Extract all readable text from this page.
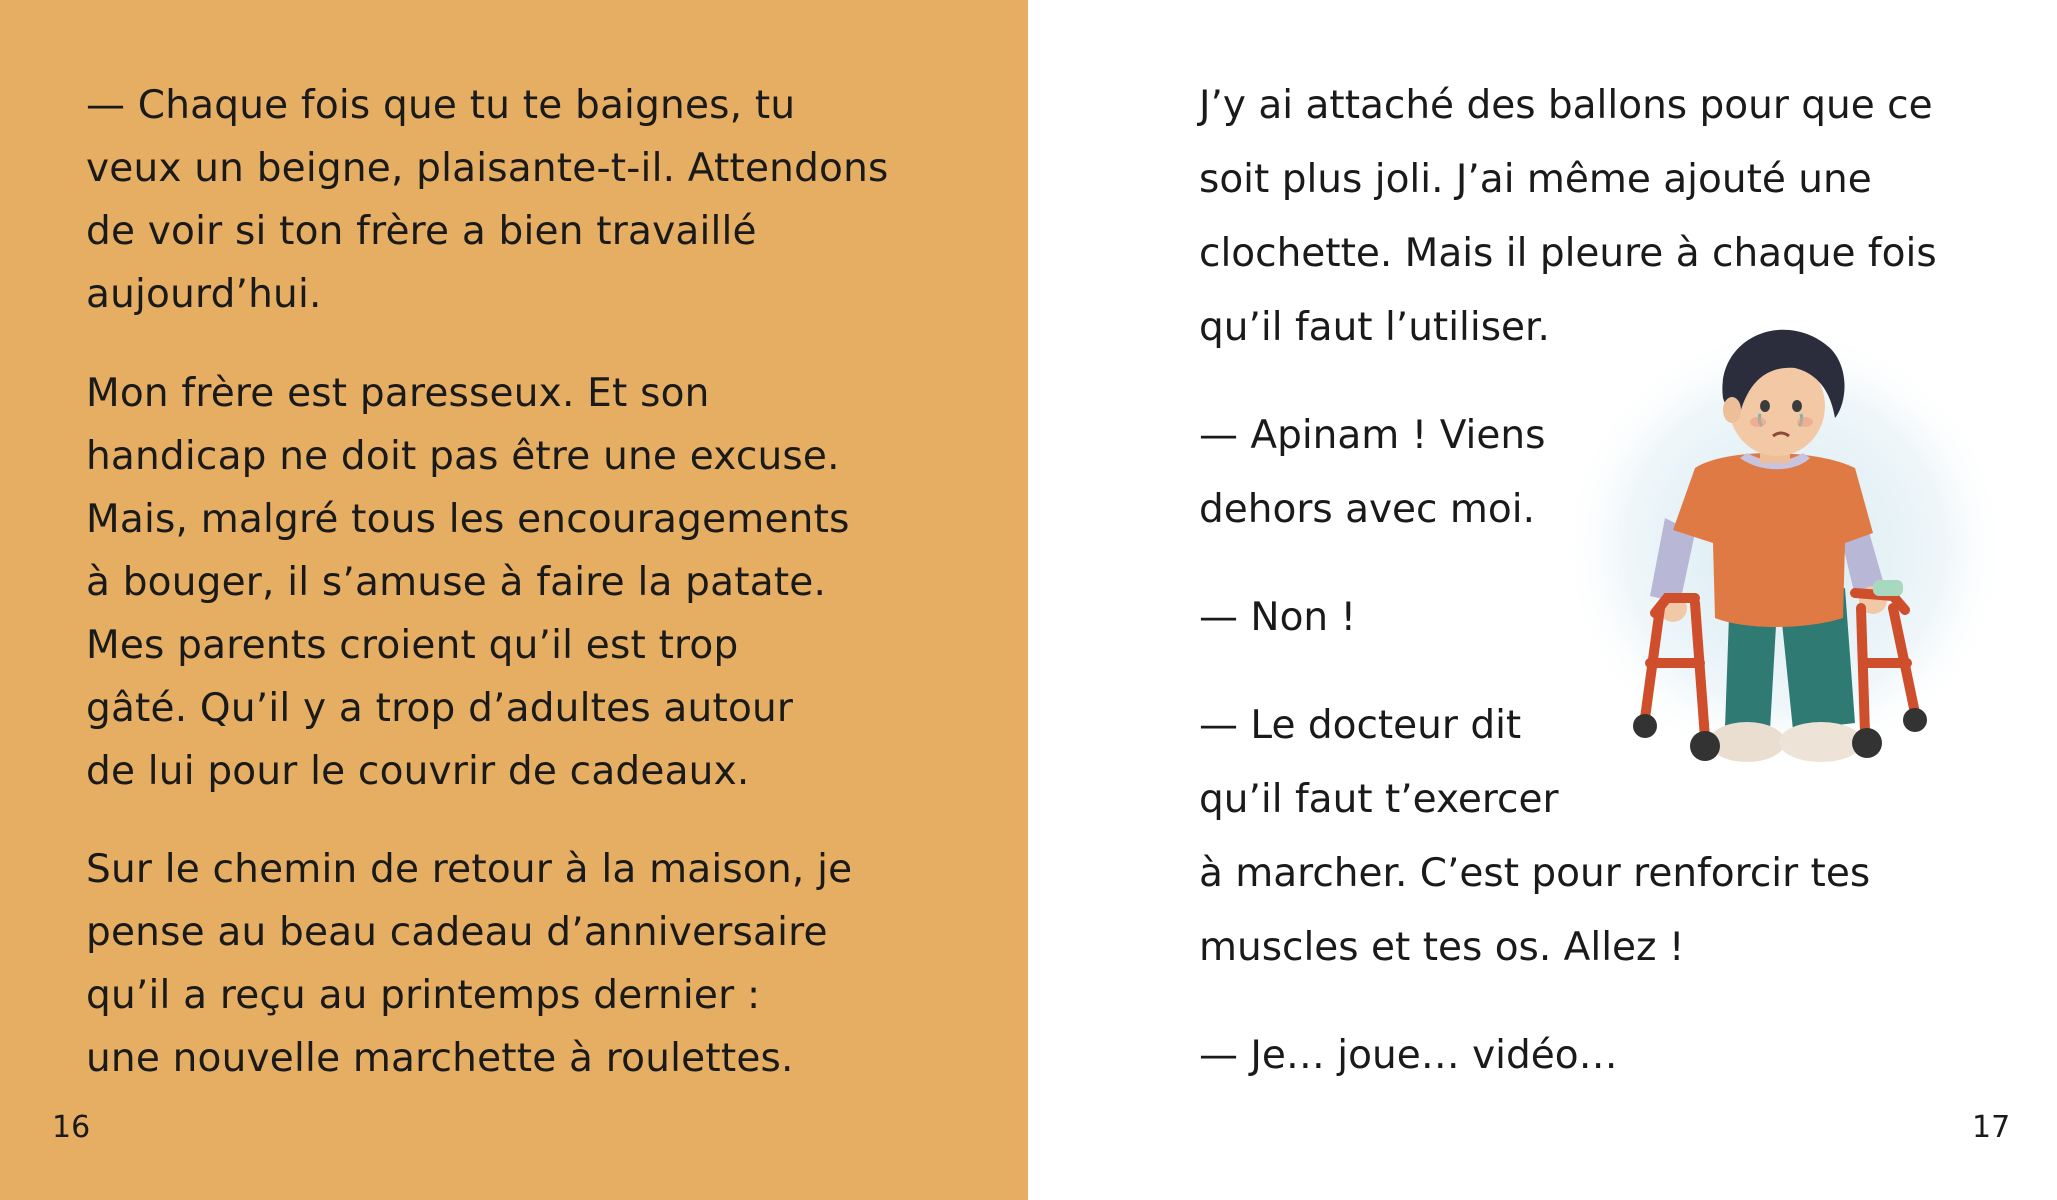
— Chaque fois que tu te baignes, tu
veux un beigne, plaisante-t-il. Attendons
de voir si ton frère a bien travaillé
aujourd’hui.

Mon frère est paresseux. Et son
handicap ne doit pas être une excuse.
Mais, malgré tous les encouragements
à bouger, il s’amuse à faire la patate.
Mes parents croient qu’il est trop
gâté. Qu’il y a trop d’adultes autour
de lui pour le couvrir de cadeaux.

Sur le chemin de retour à la maison, je
pense au beau cadeau d’anniversaire
qu’il a reçu au printemps dernier :
une nouvelle marchette à roulettes.

16

J’y ai attaché des ballons pour que ce

soit plus joli. J’ai même ajouté une

clochette. Mais il pleure à chaque fois

qu’il faut l’utiliser.

— Apinam ! Viens

dehors avec moi.

— Non !

— Le docteur dit

qu’il faut t’exercer

à marcher. C’est pour renforcir tes

muscles et tes os. Allez !

— Je… joue… vidéo…

17
